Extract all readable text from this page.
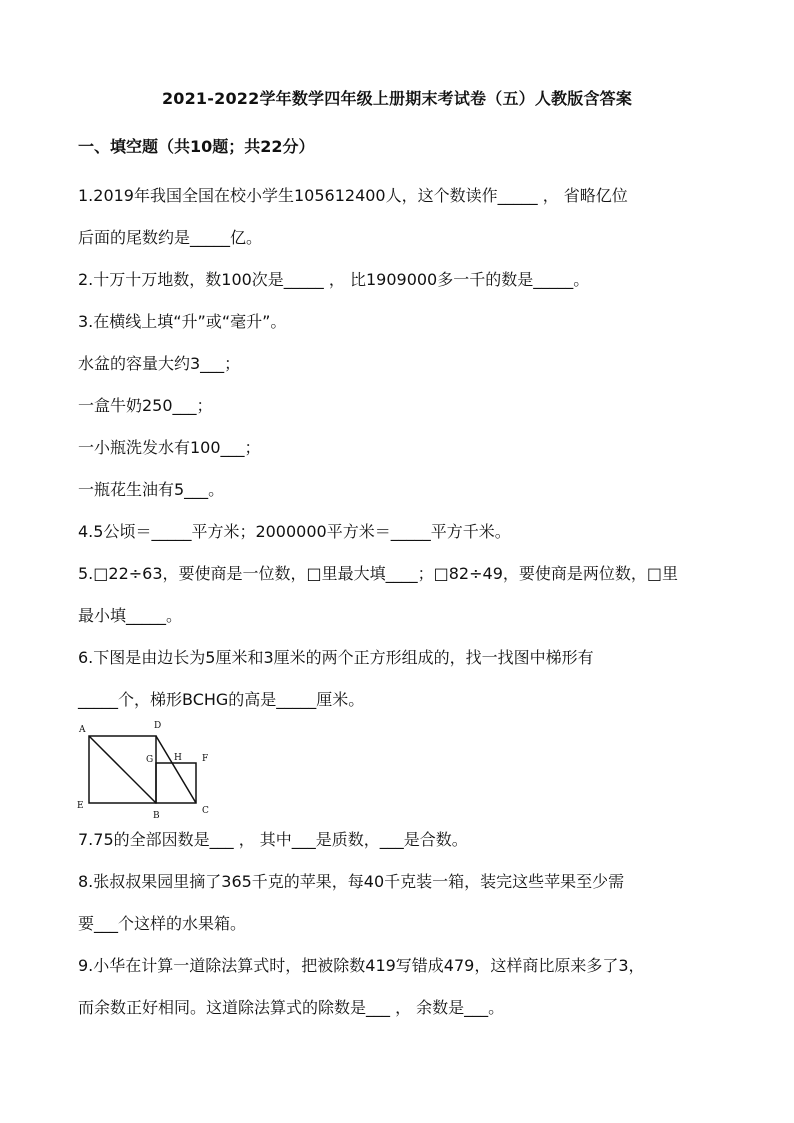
2021-2022学年数学四年级上册期末考试卷（五）人教版含答案
一、填空题（共10题；共22分）
1.2019年我国全国在校小学生105612400人，这个数读作_____ ， 省略亿位
后面的尾数约是_____亿。
2.十万十万地数，数100次是_____ ， 比1909000多一千的数是_____。
3.在横线上填“升”或“毫升”。
水盆的容量大约3___；
一盒牛奶250___；
一小瓶洗发水有100___；
一瓶花生油有5___。
4.5公顷＝_____平方米；2000000平方米＝_____平方千米。
5.□22÷63，要使商是一位数，□里最大填____；□82÷49，要使商是两位数，□里
最小填_____。
6.下图是由边长为5厘米和3厘米的两个正方形组成的，找一找图中梯形有
_____个，梯形BCHG的高是_____厘米。
A	D
G H F
E
B	C
7.75的全部因数是___ ， 其中___是质数，___是合数。
8.张叔叔果园里摘了365千克的苹果，每40千克装一箱，装完这些苹果至少需
要___个这样的水果箱。
9.小华在计算一道除法算式时，把被除数419写错成479，这样商比原来多了3，
而余数正好相同。这道除法算式的除数是___ ， 余数是___。
